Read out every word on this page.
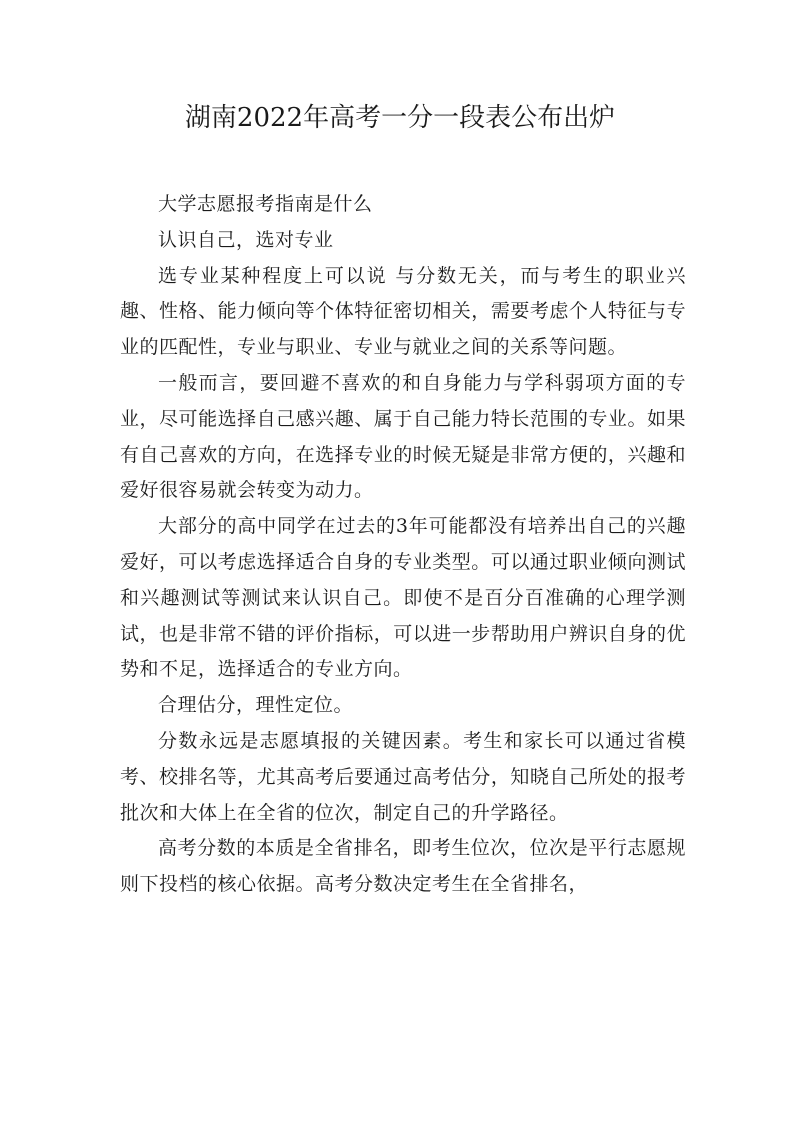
湖南2022年高考一分一段表公布出炉

大学志愿报考指南是什么

认识自己，选对专业

选专业某种程度上可以说 与分数无关，而与考生的职业兴趣、性格、能力倾向等个体特征密切相关，需要考虑个人特征与专业的匹配性，专业与职业、专业与就业之间的关系等问题。

一般而言，要回避不喜欢的和自身能力与学科弱项方面的专业，尽可能选择自己感兴趣、属于自己能力特长范围的专业。如果有自己喜欢的方向，在选择专业的时候无疑是非常方便的，兴趣和爱好很容易就会转变为动力。

大部分的高中同学在过去的3年可能都没有培养出自己的兴趣爱好，可以考虑选择适合自身的专业类型。可以通过职业倾向测试和兴趣测试等测试来认识自己。即使不是百分百准确的心理学测试，也是非常不错的评价指标，可以进一步帮助用户辨识自身的优势和不足，选择适合的专业方向。

合理估分，理性定位。

分数永远是志愿填报的关键因素。考生和家长可以通过省模考、校排名等，尤其高考后要通过高考估分，知晓自己所处的报考批次和大体上在全省的位次，制定自己的升学路径。

高考分数的本质是全省排名，即考生位次，位次是平行志愿规则下投档的核心依据。高考分数决定考生在全省排名，
